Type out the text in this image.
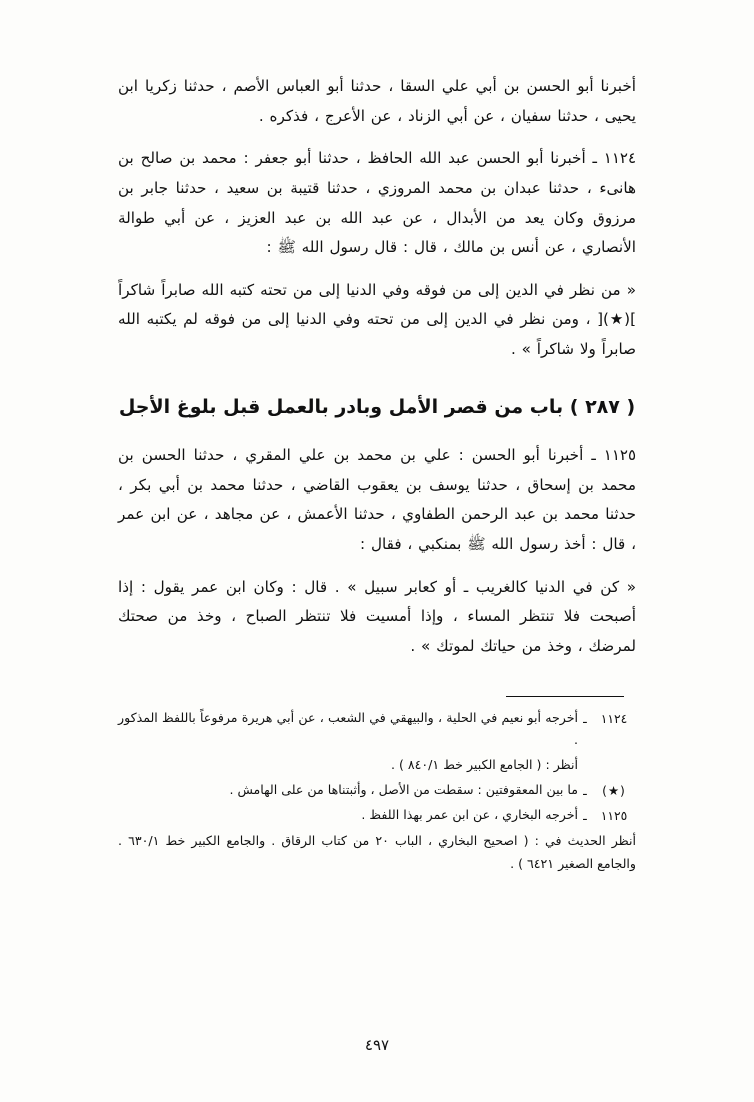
أخبرنا أبو الحسن بن أبي علي السقا ، حدثنا أبو العباس الأصم ، حدثنا زكريا ابن يحيى ، حدثنا سفيان ، عن أبي الزناد ، عن الأعرج ، فذكره .

١١٢٤ ـ أخبرنا أبو الحسن عبد الله الحافظ ، حدثنا أبو جعفر : محمد بن صالح بن هانىء ، حدثنا عبدان بن محمد المروزي ، حدثنا قتيبة بن سعيد ، حدثنا جابر بن مرزوق وكان يعد من الأبدال ، عن عبد الله بن عبد العزيز ، عن أبي طوالة الأنصاري ، عن أنس بن مالك ، قال : قال رسول الله ﷺ :

« من نظر في الدين إلى من فوقه وفي الدنيا إلى من تحته كتبه الله صابراً شاكراً ](★)[ ، ومن نظر في الدين إلى من تحته وفي الدنيا إلى من فوقه لم يكتبه الله صابراً ولا شاكراً » .

( ٢٨٧ ) باب من قصر الأمل وبادر بالعمل قبل بلوغ الأجل

١١٢٥ ـ أخبرنا أبو الحسن : علي بن محمد بن علي المقري ، حدثنا الحسن بن محمد بن إسحاق ، حدثنا يوسف بن يعقوب القاضي ، حدثنا محمد بن أبي بكر ، حدثنا محمد بن عبد الرحمن الطفاوي ، حدثنا الأعمش ، عن مجاهد ، عن ابن عمر ، قال : أخذ رسول الله ﷺ بمنكبي ، فقال :

« كن في الدنيا كالغريب ـ أو كعابر سبيل » . قال : وكان ابن عمر يقول : إذا أصبحت فلا تنتظر المساء ، وإذا أمسيت فلا تنتظر الصباح ، وخذ من صحتك لمرضك ، وخذ من حياتك لموتك » .

١١٢٤
ـ
أخرجه أبو نعيم في الحلية ، والبيهقي في الشعب ، عن أبي هريرة مرفوعاً باللفظ المذكور .

أنظر : ( الجامع الكبير خط ٨٤٠/١ ) .

(★)
ـ
ما بين المعقوفتين : سقطت من الأصل ، وأثبتناها من على الهامش .
١١٢٥
ـ
أخرجه البخاري ، عن ابن عمر بهذا اللفظ .

أنظر الحديث في : ( اصحيح البخاري ، الباب ٢٠ من كتاب الرقاق . والجامع الكبير خط ٦٣٠/١ . والجامع الصغير ٦٤٢١ ) .

٤٩٧
